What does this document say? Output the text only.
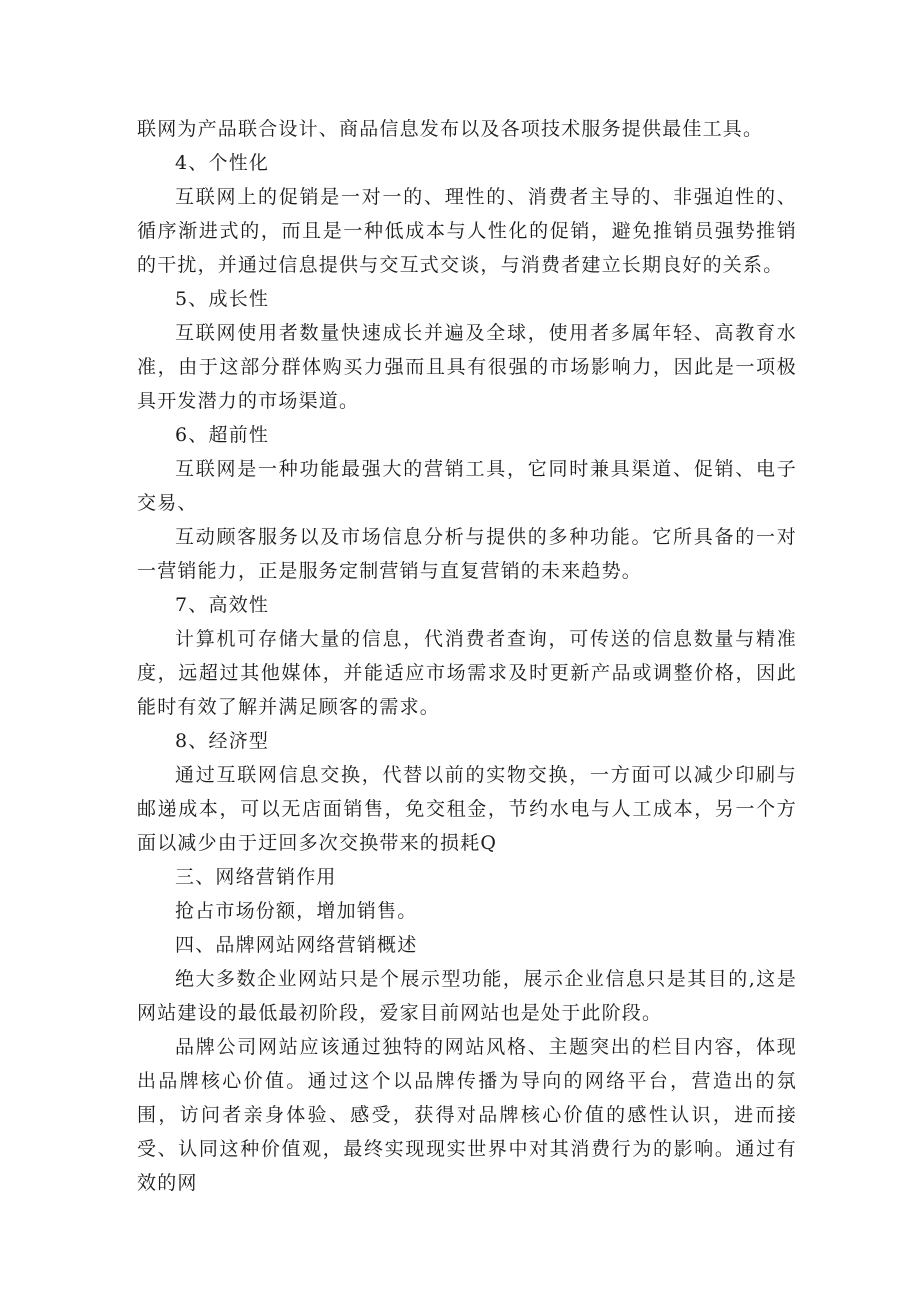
联网为产品联合设计、商品信息发布以及各项技术服务提供最佳工具。

4、个性化

互联网上的促销是一对一的、理性的、消费者主导的、非强迫性的、循序渐进式的，而且是一种低成本与人性化的促销，避免推销员强势推销的干扰，并通过信息提供与交互式交谈，与消费者建立长期良好的关系。

5、成长性

互联网使用者数量快速成长并遍及全球，使用者多属年轻、高教育水准，由于这部分群体购买力强而且具有很强的市场影响力，因此是一项极具开发潜力的市场渠道。

6、超前性

互联网是一种功能最强大的营销工具，它同时兼具渠道、促销、电子交易、

互动顾客服务以及市场信息分析与提供的多种功能。它所具备的一对一营销能力，正是服务定制营销与直复营销的未来趋势。

7、高效性

计算机可存储大量的信息，代消费者查询，可传送的信息数量与精准度，远超过其他媒体，并能适应市场需求及时更新产品或调整价格，因此能时有效了解并满足顾客的需求。

8、经济型

通过互联网信息交换，代替以前的实物交换，一方面可以减少印刷与邮递成本，可以无店面销售，免交租金，节约水电与人工成本，另一个方面以减少由于迂回多次交换带来的损耗Q

三、网络营销作用

抢占市场份额，增加销售。

四、品牌网站网络营销概述

绝大多数企业网站只是个展示型功能，展示企业信息只是其目的,这是网站建设的最低最初阶段，爱家目前网站也是处于此阶段。

品牌公司网站应该通过独特的网站风格、主题突出的栏目内容，体现出品牌核心价值。通过这个以品牌传播为导向的网络平台，营造出的氛围，访问者亲身体验、感受，获得对品牌核心价值的感性认识，进而接受、认同这种价值观，最终实现现实世界中对其消费行为的影响。通过有效的网
